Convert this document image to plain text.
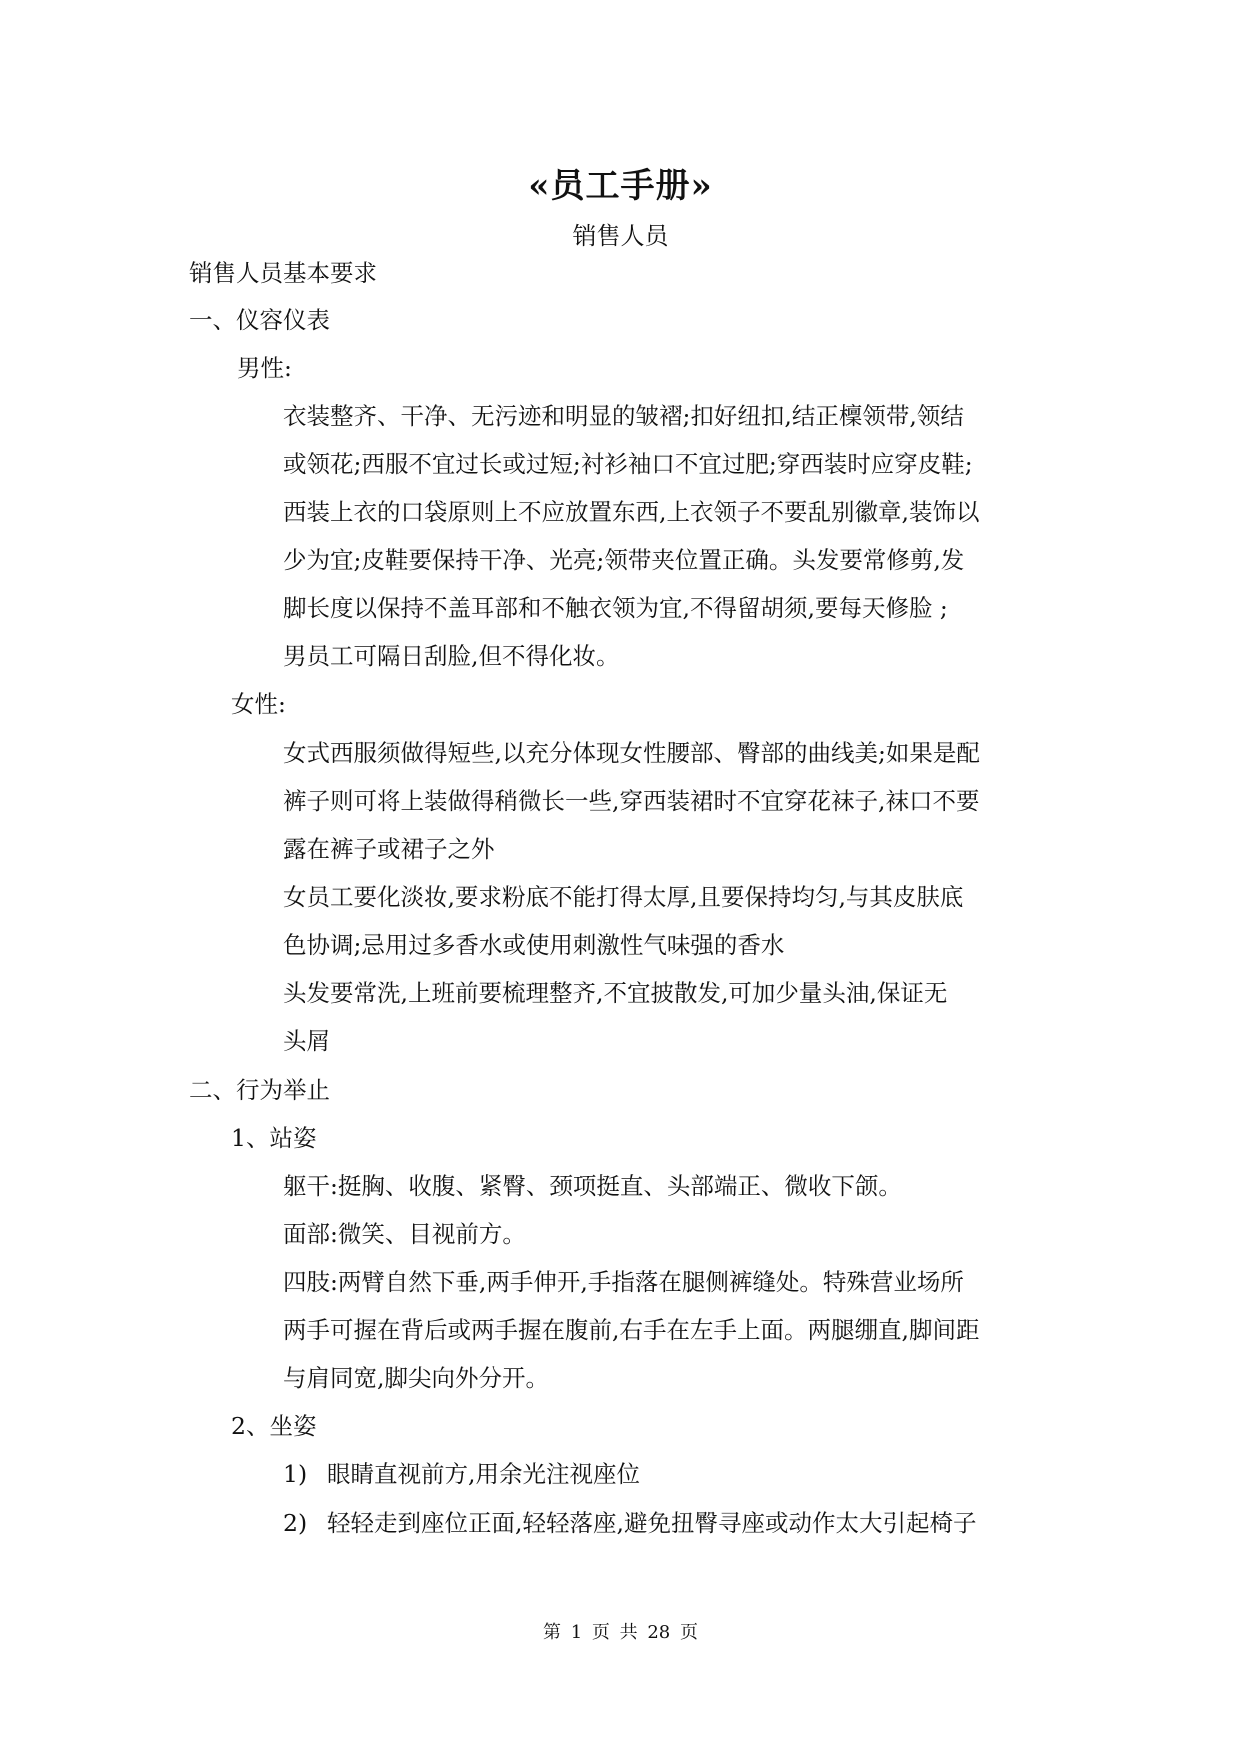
«员工手册»
销售人员
销售人员基本要求
一、仪容仪表
男性:
衣装整齐、干净、无污迹和明显的皱褶;扣好纽扣,结正檁领带,领结
或领花;西服不宜过长或过短;衬衫袖口不宜过肥;穿西装时应穿皮鞋;
西装上衣的口袋原则上不应放置东西,上衣领子不要乱别徽章,装饰以
少为宜;皮鞋要保持干净、光亮;领带夹位置正确。头发要常修剪,发
脚长度以保持不盖耳部和不触衣领为宜,不得留胡须,要每天修脸 ;
男员工可隔日刮脸,但不得化妆。
女性:
女式西服须做得短些,以充分体现女性腰部、臀部的曲线美;如果是配
裤子则可将上装做得稍微长一些,穿西装裙时不宜穿花袜子,袜口不要
露在裤子或裙子之外
女员工要化淡妆,要求粉底不能打得太厚,且要保持均匀,与其皮肤底
色协调;忌用过多香水或使用刺激性气味强的香水
头发要常洗,上班前要梳理整齐,不宜披散发,可加少量头油,保证无
头屑
二、行为举止
1、站姿
躯干:挺胸、收腹、紧臀、颈项挺直、头部端正、微收下颌。
面部:微笑、目视前方。
四肢:两臂自然下垂,两手伸开,手指落在腿侧裤缝处。特殊营业场所
两手可握在背后或两手握在腹前,右手在左手上面。两腿绷直,脚间距
与肩同宽,脚尖向外分开。
2、坐姿
1) 眼睛直视前方,用余光注视座位
2) 轻轻走到座位正面,轻轻落座,避免扭臀寻座或动作太大引起椅子
第 1 页 共 28 页
